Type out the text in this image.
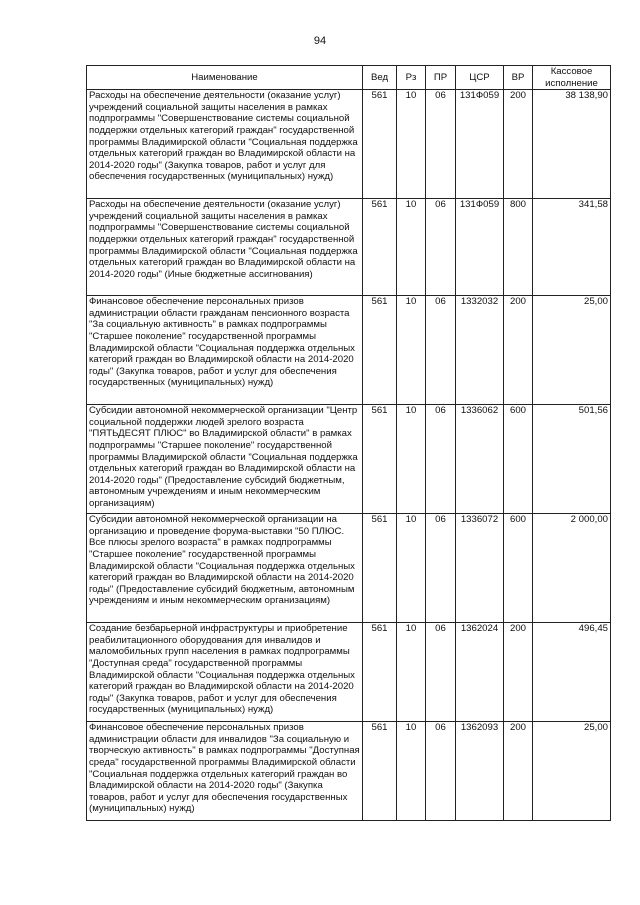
94
Наименование	Вед	Рз	ПР	ЦСР	ВР	Кассовое исполнение
Расходы на обеспечение деятельности (оказание услуг) учреждений социальной защиты населения в рамках подпрограммы "Совершенствование системы социальной поддержки отдельных категорий граждан" государственной программы Владимирской области "Социальная поддержка отдельных категорий граждан во Владимирской области на 2014-2020 годы" (Закупка товаров, работ и услуг для обеспечения государственных (муниципальных) нужд)	561	10	06	131Ф059	200	38 138,90
Расходы на обеспечение деятельности (оказание услуг) учреждений социальной защиты населения в рамках подпрограммы "Совершенствование системы социальной поддержки отдельных категорий граждан" государственной программы Владимирской области "Социальная поддержка отдельных категорий граждан во Владимирской области на 2014-2020 годы" (Иные бюджетные ассигнования)	561	10	06	131Ф059	800	341,58
Финансовое обеспечение персональных призов администрации области гражданам пенсионного возраста "За социальную активность" в рамках подпрограммы "Старшее поколение" государственной программы Владимирской области "Социальная поддержка отдельных категорий граждан во Владимирской области на 2014-2020 годы" (Закупка товаров, работ и услуг для обеспечения государственных (муниципальных) нужд)	561	10	06	1332032	200	25,00
Субсидии автономной некоммерческой организации "Центр социальной поддержки людей зрелого возраста "ПЯТЬДЕСЯТ ПЛЮС" во Владимирской области" в рамках подпрограммы "Старшее поколение" государственной программы Владимирской области "Социальная поддержка отдельных категорий граждан во Владимирской области на 2014-2020 годы" (Предоставление субсидий бюджетным, автономным учреждениям и иным некоммерческим организациям)	561	10	06	1336062	600	501,56
Субсидии автономной некоммерческой организации на организацию и проведение форума-выставки "50 ПЛЮС. Все плюсы зрелого возраста" в рамках подпрограммы "Старшее поколение" государственной программы Владимирской области "Социальная поддержка отдельных категорий граждан во Владимирской области на 2014-2020 годы" (Предоставление субсидий бюджетным, автономным учреждениям и иным некоммерческим организациям)	561	10	06	1336072	600	2 000,00
Создание безбарьерной инфраструктуры и приобретение реабилитационного оборудования для инвалидов и маломобильных групп населения в рамках подпрограммы "Доступная среда" государственной программы Владимирской области "Социальная поддержка отдельных категорий граждан во Владимирской области на 2014-2020 годы" (Закупка товаров, работ и услуг для обеспечения государственных (муниципальных) нужд)	561	10	06	1362024	200	496,45
Финансовое обеспечение персональных призов администрации области для инвалидов "За социальную и творческую активность" в рамках подпрограммы "Доступная среда" государственной программы Владимирской области "Социальная поддержка отдельных категорий граждан во Владимирской области на 2014-2020 годы" (Закупка товаров, работ и услуг для обеспечения государственных (муниципальных) нужд)	561	10	06	1362093	200	25,00
